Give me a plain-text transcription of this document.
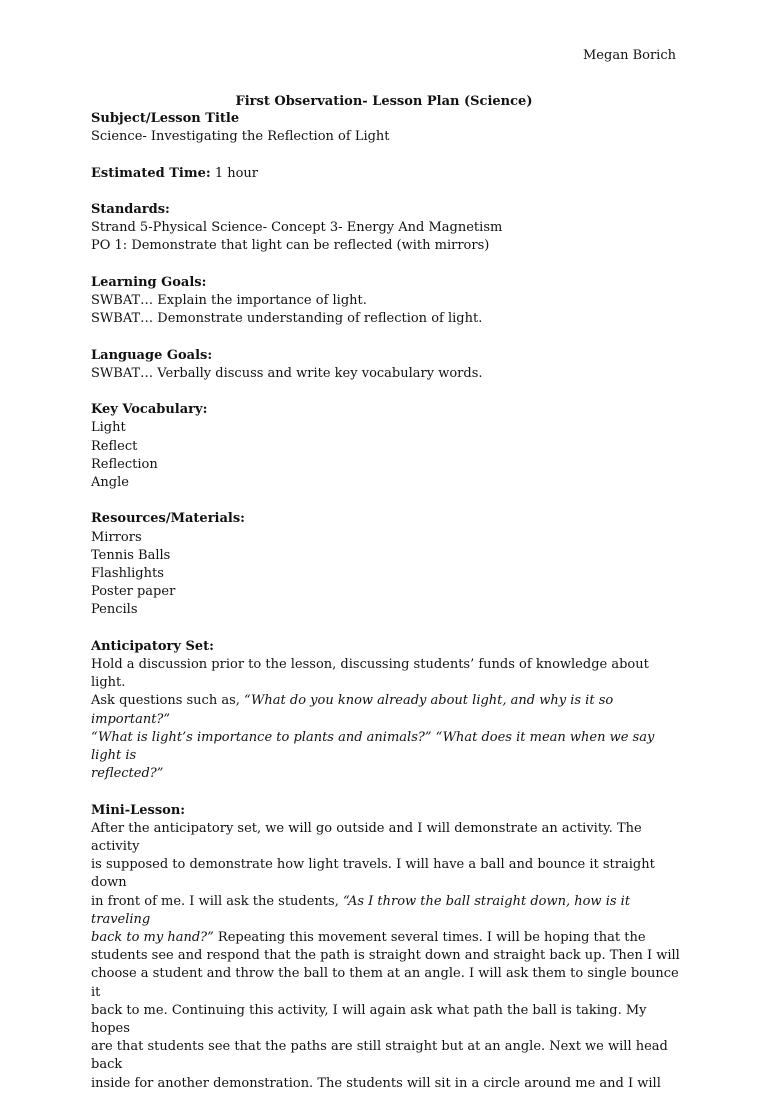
Megan Borich
First Observation- Lesson Plan (Science)

Subject/Lesson Title

Science- Investigating the Reflection of Light

Estimated Time: 1 hour

Standards:

Strand 5-Physical Science- Concept 3- Energy And Magnetism

PO 1: Demonstrate that light can be reflected (with mirrors)

Learning Goals:

SWBAT… Explain the importance of light.

SWBAT… Demonstrate understanding of reflection of light.

Language Goals:

SWBAT… Verbally discuss and write key vocabulary words.

Key Vocabulary:

Light

Reflect

Reflection

Angle

Resources/Materials:

Mirrors

Tennis Balls

Flashlights

Poster paper

Pencils

Anticipatory Set:

Hold a discussion prior to the lesson, discussing students’ funds of knowledge about light.

Ask questions such as, “What do you know already about light, and why is it so important?”

“What is light’s importance to plants and animals?” “What does it mean when we say light is

reflected?”

Mini-Lesson:

After the anticipatory set, we will go outside and I will demonstrate an activity. The activity

is supposed to demonstrate how light travels. I will have a ball and bounce it straight down

in front of me. I will ask the students, “As I throw the ball straight down, how is it traveling

back to my hand?” Repeating this movement several times. I will be hoping that the

students see and respond that the path is straight down and straight back up. Then I will

choose a student and throw the ball to them at an angle. I will ask them to single bounce it

back to me. Continuing this activity, I will again ask what path the ball is taking. My hopes

are that students see that the paths are still straight but at an angle. Next we will head back

inside for another demonstration. The students will sit in a circle around me and I will
